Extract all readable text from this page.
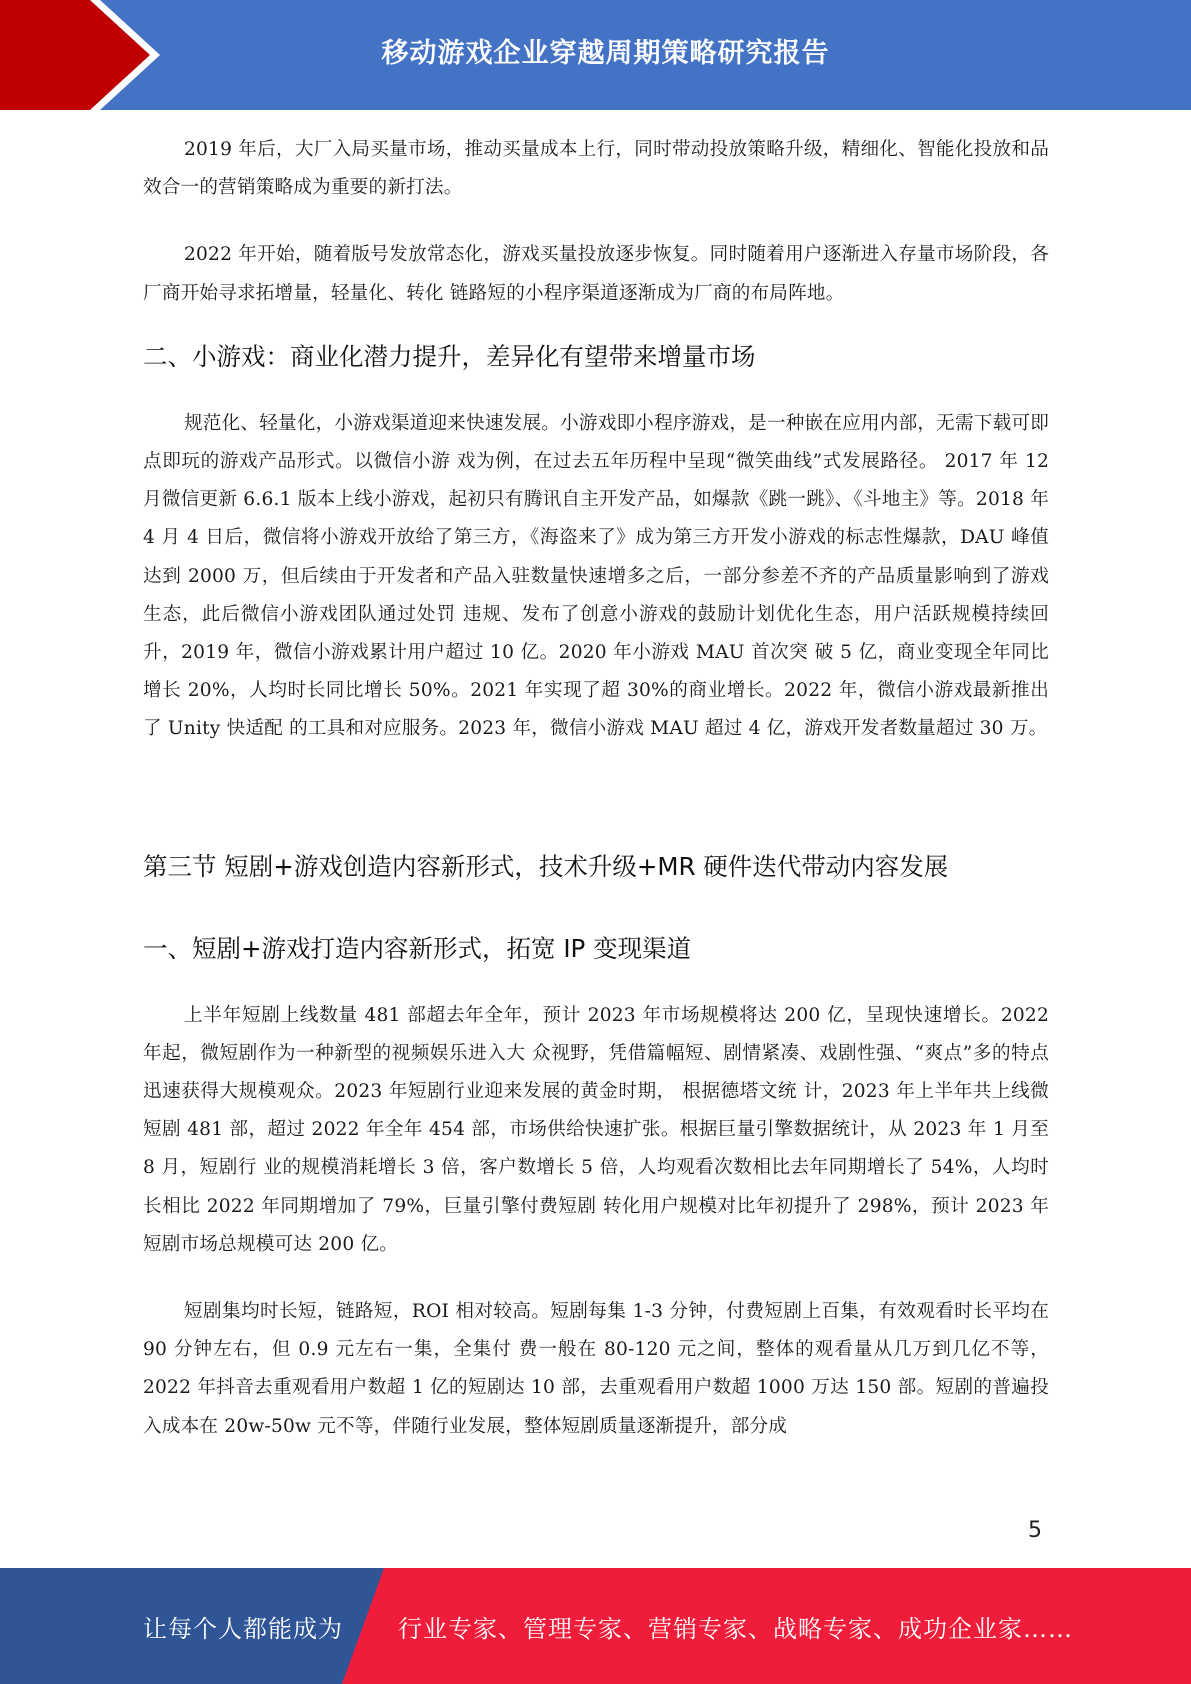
移动游戏企业穿越周期策略研究报告

2019 年后，大厂入局买量市场，推动买量成本上行，同时带动投放策略升级，精细化、智能化投放和品效合一的营销策略成为重要的新打法。

2022 年开始，随着版号发放常态化，游戏买量投放逐步恢复。同时随着用户逐渐进入存量市场阶段，各厂商开始寻求拓增量，轻量化、转化 链路短的小程序渠道逐渐成为厂商的布局阵地。

二、小游戏：商业化潜力提升，差异化有望带来增量市场

规范化、轻量化，小游戏渠道迎来快速发展。小游戏即小程序游戏，是一种嵌在应用内部，无需下载可即点即玩的游戏产品形式。以微信小游 戏为例，在过去五年历程中呈现“微笑曲线”式发展路径。 2017 年 12 月微信更新 6.6.1 版本上线小游戏，起初只有腾讯自主开发产品，如爆款《跳一跳》、《斗地主》等。2018 年 4 月 4 日后，微信将小游戏开放给了第三方，《海盗来了》成为第三方开发小游戏的标志性爆款，DAU 峰值 达到 2000 万，但后续由于开发者和产品入驻数量快速增多之后，一部分参差不齐的产品质量影响到了游戏生态，此后微信小游戏团队通过处罚 违规、发布了创意小游戏的鼓励计划优化生态，用户活跃规模持续回升，2019 年，微信小游戏累计用户超过 10 亿。2020 年小游戏 MAU 首次突 破 5 亿，商业变现全年同比增长 20%，人均时长同比增长 50%。2021 年实现了超 30%的商业增长。2022 年，微信小游戏最新推出了 Unity 快适配 的工具和对应服务。2023 年，微信小游戏 MAU 超过 4 亿，游戏开发者数量超过 30 万。

第三节 短剧+游戏创造内容新形式，技术升级+MR 硬件迭代带动内容发展
一、短剧+游戏打造内容新形式，拓宽 IP 变现渠道

上半年短剧上线数量 481 部超去年全年，预计 2023 年市场规模将达 200 亿，呈现快速增长。2022 年起，微短剧作为一种新型的视频娱乐进入大 众视野，凭借篇幅短、剧情紧凑、戏剧性强、“爽点”多的特点迅速获得大规模观众。2023 年短剧行业迎来发展的黄金时期， 根据德塔文统 计，2023 年上半年共上线微短剧 481 部，超过 2022 年全年 454 部，市场供给快速扩张。根据巨量引擎数据统计，从 2023 年 1 月至 8 月，短剧行 业的规模消耗增长 3 倍，客户数增长 5 倍，人均观看次数相比去年同期增长了 54%，人均时长相比 2022 年同期增加了 79%，巨量引擎付费短剧 转化用户规模对比年初提升了 298%，预计 2023 年短剧市场总规模可达 200 亿。

短剧集均时长短，链路短，ROI 相对较高。短剧每集 1-3 分钟，付费短剧上百集，有效观看时长平均在 90 分钟左右，但 0.9 元左右一集，全集付 费一般在 80-120 元之间，整体的观看量从几万到几亿不等，2022 年抖音去重观看用户数超 1 亿的短剧达 10 部，去重观看用户数超 1000 万达 150 部。短剧的普遍投入成本在 20w-50w 元不等，伴随行业发展，整体短剧质量逐渐提升，部分成

5
让每个人都能成为 行业专家、管理专家、营销专家、战略专家、成功企业家……
